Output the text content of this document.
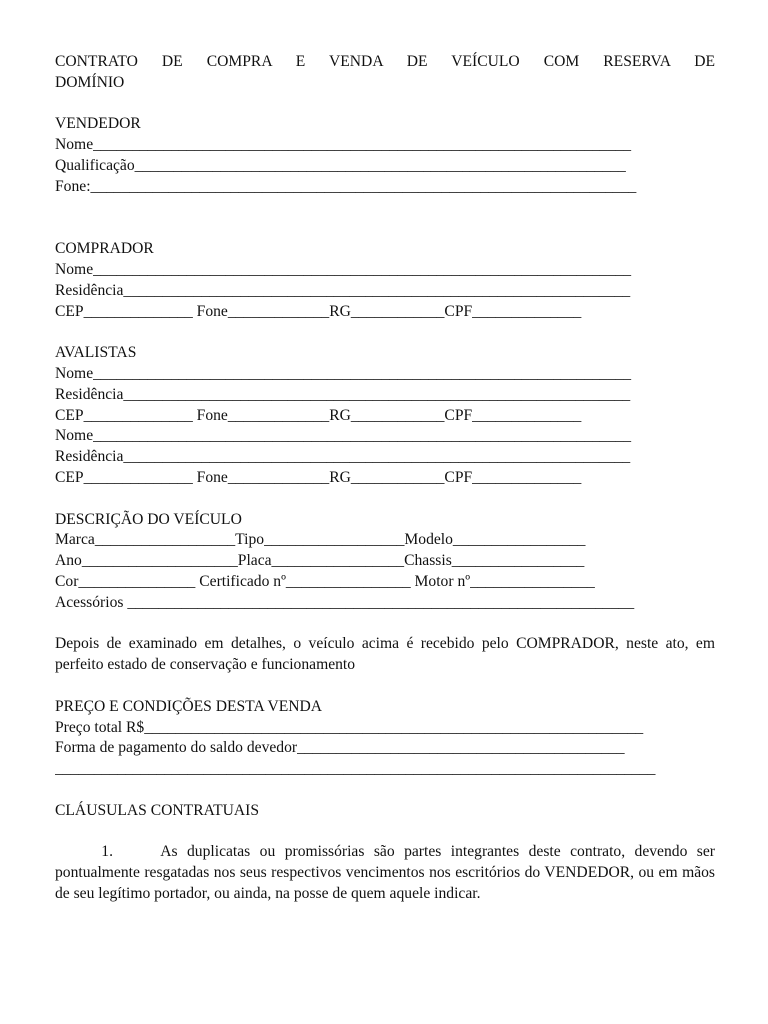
CONTRATO DE COMPRA E VENDA DE VEÍCULO COM RESERVA DE
DOMÍNIO
VENDEDOR
Nome_____________________________________________________________________
Qualificação_______________________________________________________________
Fone:______________________________________________________________________
COMPRADOR
Nome_____________________________________________________________________
Residência_________________________________________________________________
CEP______________ Fone_____________RG____________CPF______________
AVALISTAS
Nome_____________________________________________________________________
Residência_________________________________________________________________
CEP______________ Fone_____________RG____________CPF______________
Nome_____________________________________________________________________
Residência_________________________________________________________________
CEP______________ Fone_____________RG____________CPF______________
DESCRIÇÃO DO VEÍCULO
Marca__________________Tipo__________________Modelo_________________
Ano____________________Placa_________________Chassis_________________
Cor_______________ Certificado nº________________ Motor nº________________
Acessórios _________________________________________________________________
Depois de examinado em detalhes, o veículo acima é recebido pelo COMPRADOR, neste ato, em perfeito estado de conservação e funcionamento
PREÇO E CONDIÇÕES DESTA VENDA
Preço total R$________________________________________________________________
Forma de pagamento do saldo devedor__________________________________________
_____________________________________________________________________________
CLÁUSULAS CONTRATUAIS
1.	As duplicatas ou promissórias são partes integrantes deste contrato, devendo ser pontualmente resgatadas nos seus respectivos vencimentos nos escritórios do VENDEDOR, ou em mãos de seu legítimo portador, ou ainda, na posse de quem aquele indicar.
